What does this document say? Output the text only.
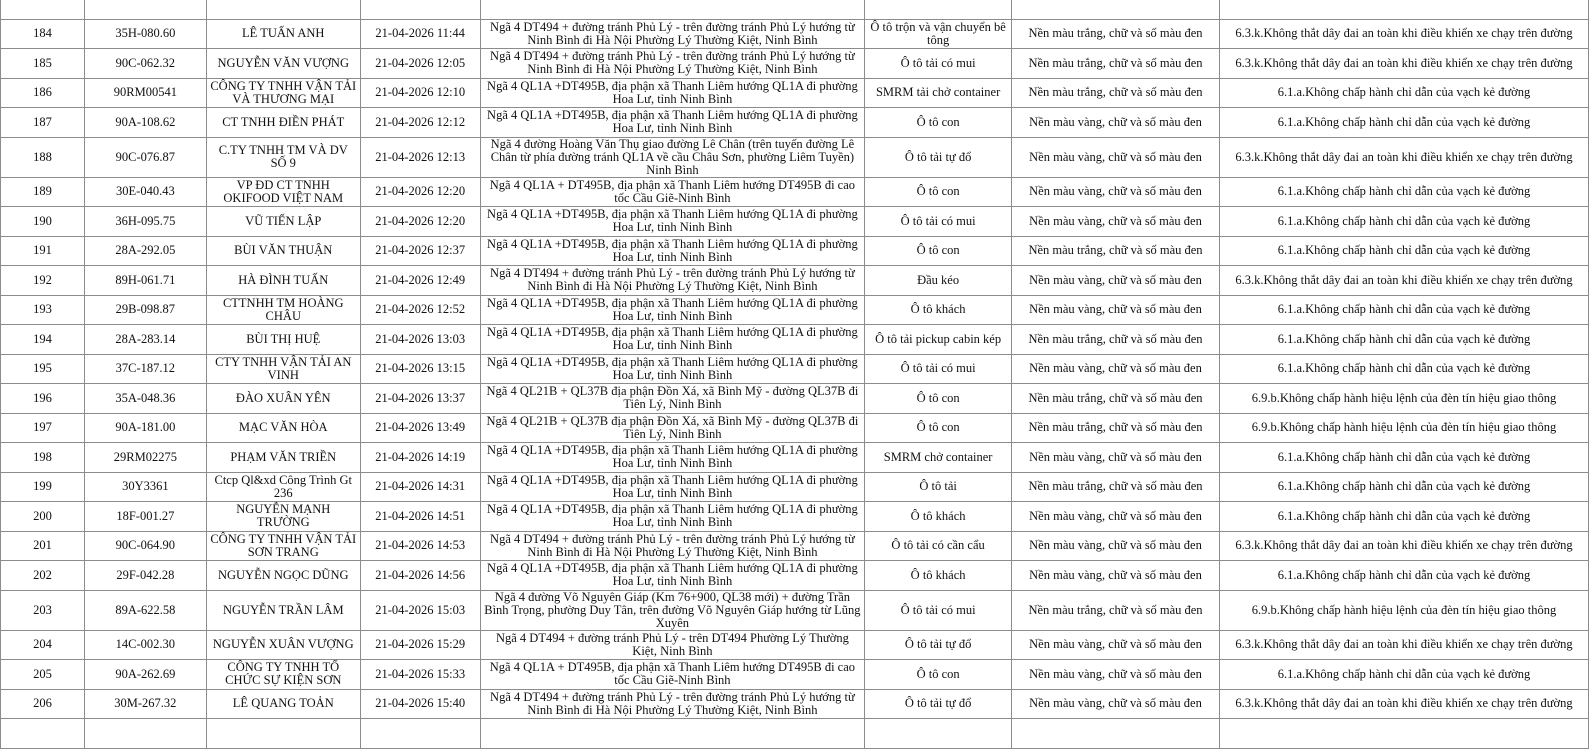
184	35H-080.60	LÊ TUẤN ANH	21-04-2026 11:44	Ngã 4 DT494 + đường tránh Phủ Lý - trên đường tránh Phủ Lý hướng từ Ninh Bình đi Hà Nội Phường Lý Thường Kiệt, Ninh Bình	Ô tô trộn và vận chuyển bê tông	Nền màu trắng, chữ và số màu đen	6.3.k.Không thắt dây đai an toàn khi điều khiển xe chạy trên đường
185	90C-062.32	NGUYỄN VĂN VƯỢNG	21-04-2026 12:05	Ngã 4 DT494 + đường tránh Phủ Lý - trên đường tránh Phủ Lý hướng từ Ninh Bình đi Hà Nội Phường Lý Thường Kiệt, Ninh Bình	Ô tô tải có mui	Nền màu trắng, chữ và số màu đen	6.3.k.Không thắt dây đai an toàn khi điều khiển xe chạy trên đường
186	90RM00541	CÔNG TY TNHH VẬN TẢI VÀ THƯƠNG MẠI	21-04-2026 12:10	Ngã 4 QL1A +DT495B, địa phận xã Thanh Liêm hướng QL1A đi phường Hoa Lư, tỉnh Ninh Bình	SMRM tải chở container	Nền màu trắng, chữ và số màu đen	6.1.a.Không chấp hành chỉ dẫn của vạch kẻ đường
187	90A-108.62	CT TNHH ĐIỀN PHÁT	21-04-2026 12:12	Ngã 4 QL1A +DT495B, địa phận xã Thanh Liêm hướng QL1A đi phường Hoa Lư, tỉnh Ninh Bình	Ô tô con	Nền màu vàng, chữ và số màu đen	6.1.a.Không chấp hành chỉ dẫn của vạch kẻ đường
188	90C-076.87	C.TY TNHH TM VÀ DV SỐ 9	21-04-2026 12:13	Ngã 4 đường Hoàng Văn Thụ giao đường Lê Chân (trên tuyến đường Lê Chân từ phía đường tránh QL1A về cầu Châu Sơn, phường Liêm Tuyền) Ninh Bình	Ô tô tải tự đổ	Nền màu vàng, chữ và số màu đen	6.3.k.Không thắt dây đai an toàn khi điều khiển xe chạy trên đường
189	30E-040.43	VP ĐD CT TNHH OKIFOOD VIỆT NAM	21-04-2026 12:20	Ngã 4 QL1A + DT495B, địa phận xã Thanh Liêm hướng DT495B đi cao tốc Cầu Giẽ-Ninh Bình	Ô tô con	Nền màu vàng, chữ và số màu đen	6.1.a.Không chấp hành chỉ dẫn của vạch kẻ đường
190	36H-095.75	VŨ TIẾN LẬP	21-04-2026 12:20	Ngã 4 QL1A +DT495B, địa phận xã Thanh Liêm hướng QL1A đi phường Hoa Lư, tỉnh Ninh Bình	Ô tô tải có mui	Nền màu vàng, chữ và số màu đen	6.1.a.Không chấp hành chỉ dẫn của vạch kẻ đường
191	28A-292.05	BÙI VĂN THUẬN	21-04-2026 12:37	Ngã 4 QL1A +DT495B, địa phận xã Thanh Liêm hướng QL1A đi phường Hoa Lư, tỉnh Ninh Bình	Ô tô con	Nền màu trắng, chữ và số màu đen	6.1.a.Không chấp hành chỉ dẫn của vạch kẻ đường
192	89H-061.71	HÀ ĐÌNH TUẤN	21-04-2026 12:49	Ngã 4 DT494 + đường tránh Phủ Lý - trên đường tránh Phủ Lý hướng từ Ninh Bình đi Hà Nội Phường Lý Thường Kiệt, Ninh Bình	Đầu kéo	Nền màu vàng, chữ và số màu đen	6.3.k.Không thắt dây đai an toàn khi điều khiển xe chạy trên đường
193	29B-098.87	CTTNHH TM HOÀNG CHÂU	21-04-2026 12:52	Ngã 4 QL1A +DT495B, địa phận xã Thanh Liêm hướng QL1A đi phường Hoa Lư, tỉnh Ninh Bình	Ô tô khách	Nền màu vàng, chữ và số màu đen	6.1.a.Không chấp hành chỉ dẫn của vạch kẻ đường
194	28A-283.14	BÙI THỊ HUỆ	21-04-2026 13:03	Ngã 4 QL1A +DT495B, địa phận xã Thanh Liêm hướng QL1A đi phường Hoa Lư, tỉnh Ninh Bình	Ô tô tải pickup cabin kép	Nền màu trắng, chữ và số màu đen	6.1.a.Không chấp hành chỉ dẫn của vạch kẻ đường
195	37C-187.12	CTY TNHH VẬN TẢI AN VINH	21-04-2026 13:15	Ngã 4 QL1A +DT495B, địa phận xã Thanh Liêm hướng QL1A đi phường Hoa Lư, tỉnh Ninh Bình	Ô tô tải có mui	Nền màu vàng, chữ và số màu đen	6.1.a.Không chấp hành chỉ dẫn của vạch kẻ đường
196	35A-048.36	ĐÀO XUÂN YÊN	21-04-2026 13:37	Ngã 4 QL21B + QL37B địa phận Đồn Xá, xã Bình Mỹ - đường QL37B đi Tiên Lý, Ninh Bình	Ô tô con	Nền màu trắng, chữ và số màu đen	6.9.b.Không chấp hành hiệu lệnh của đèn tín hiệu giao thông
197	90A-181.00	MẠC VĂN HÒA	21-04-2026 13:49	Ngã 4 QL21B + QL37B địa phận Đồn Xá, xã Bình Mỹ - đường QL37B đi Tiên Lý, Ninh Bình	Ô tô con	Nền màu trắng, chữ và số màu đen	6.9.b.Không chấp hành hiệu lệnh của đèn tín hiệu giao thông
198	29RM02275	PHẠM VĂN TRIỀN	21-04-2026 14:19	Ngã 4 QL1A +DT495B, địa phận xã Thanh Liêm hướng QL1A đi phường Hoa Lư, tỉnh Ninh Bình	SMRM chở container	Nền màu vàng, chữ và số màu đen	6.1.a.Không chấp hành chỉ dẫn của vạch kẻ đường
199	30Y3361	Ctcp Ql&xd Công Trình Gt 236	21-04-2026 14:31	Ngã 4 QL1A +DT495B, địa phận xã Thanh Liêm hướng QL1A đi phường Hoa Lư, tỉnh Ninh Bình	Ô tô tải	Nền màu trắng, chữ và số màu đen	6.1.a.Không chấp hành chỉ dẫn của vạch kẻ đường
200	18F-001.27	NGUYỄN MẠNH TRƯỜNG	21-04-2026 14:51	Ngã 4 QL1A +DT495B, địa phận xã Thanh Liêm hướng QL1A đi phường Hoa Lư, tỉnh Ninh Bình	Ô tô khách	Nền màu vàng, chữ và số màu đen	6.1.a.Không chấp hành chỉ dẫn của vạch kẻ đường
201	90C-064.90	CÔNG TY TNHH VẬN TẢI SƠN TRANG	21-04-2026 14:53	Ngã 4 DT494 + đường tránh Phủ Lý - trên đường tránh Phủ Lý hướng từ Ninh Bình đi Hà Nội Phường Lý Thường Kiệt, Ninh Bình	Ô tô tải có cần cẩu	Nền màu vàng, chữ và số màu đen	6.3.k.Không thắt dây đai an toàn khi điều khiển xe chạy trên đường
202	29F-042.28	NGUYỄN NGỌC DŨNG	21-04-2026 14:56	Ngã 4 QL1A +DT495B, địa phận xã Thanh Liêm hướng QL1A đi phường Hoa Lư, tỉnh Ninh Bình	Ô tô khách	Nền màu vàng, chữ và số màu đen	6.1.a.Không chấp hành chỉ dẫn của vạch kẻ đường
203	89A-622.58	NGUYỄN TRẦN LÂM	21-04-2026 15:03	Ngã 4 đường Võ Nguyên Giáp (Km 76+900, QL38 mới) + đường Trần Bình Trọng, phường Duy Tân, trên đường Võ Nguyên Giáp hướng từ Lũng Xuyên	Ô tô tải có mui	Nền màu trắng, chữ và số màu đen	6.9.b.Không chấp hành hiệu lệnh của đèn tín hiệu giao thông
204	14C-002.30	NGUYỄN XUÂN VƯỢNG	21-04-2026 15:29	Ngã 4 DT494 + đường tránh Phủ Lý - trên DT494 Phường Lý Thường Kiệt, Ninh Bình	Ô tô tải tự đổ	Nền màu vàng, chữ và số màu đen	6.3.k.Không thắt dây đai an toàn khi điều khiển xe chạy trên đường
205	90A-262.69	CÔNG TY TNHH TỔ CHỨC SỰ KIỆN SƠN	21-04-2026 15:33	Ngã 4 QL1A + DT495B, địa phận xã Thanh Liêm hướng DT495B đi cao tốc Cầu Giẽ-Ninh Bình	Ô tô con	Nền màu vàng, chữ và số màu đen	6.1.a.Không chấp hành chỉ dẫn của vạch kẻ đường
206	30M-267.32	LÊ QUANG TOẢN	21-04-2026 15:40	Ngã 4 DT494 + đường tránh Phủ Lý - trên đường tránh Phủ Lý hướng từ Ninh Bình đi Hà Nội Phường Lý Thường Kiệt, Ninh Bình	Ô tô tải tự đổ	Nền màu vàng, chữ và số màu đen	6.3.k.Không thắt dây đai an toàn khi điều khiển xe chạy trên đường
